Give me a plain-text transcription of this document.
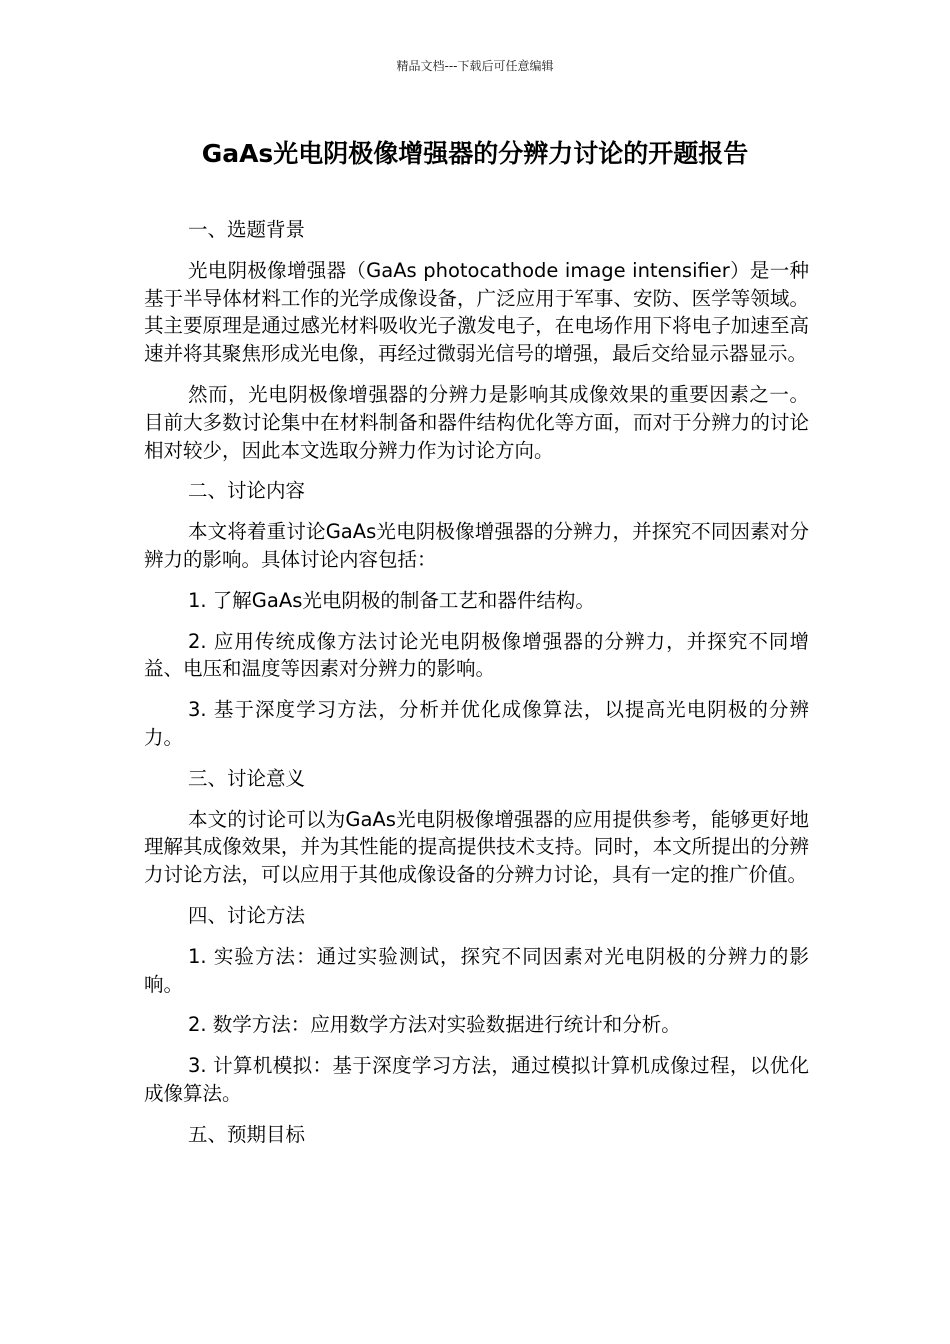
精品文档---下载后可任意编辑
GaAs光电阴极像增强器的分辨力讨论的开题报告

一、选题背景

光电阴极像增强器（GaAs photocathode image intensifier）是一种基于半导体材料工作的光学成像设备，广泛应用于军事、安防、医学等领域。其主要原理是通过感光材料吸收光子激发电子，在电场作用下将电子加速至高速并将其聚焦形成光电像，再经过微弱光信号的增强，最后交给显示器显示。

然而，光电阴极像增强器的分辨力是影响其成像效果的重要因素之一。目前大多数讨论集中在材料制备和器件结构优化等方面，而对于分辨力的讨论相对较少，因此本文选取分辨力作为讨论方向。

二、讨论内容

本文将着重讨论GaAs光电阴极像增强器的分辨力，并探究不同因素对分辨力的影响。具体讨论内容包括：

1. 了解GaAs光电阴极的制备工艺和器件结构。

2. 应用传统成像方法讨论光电阴极像增强器的分辨力，并探究不同增益、电压和温度等因素对分辨力的影响。

3. 基于深度学习方法，分析并优化成像算法，以提高光电阴极的分辨力。

三、讨论意义

本文的讨论可以为GaAs光电阴极像增强器的应用提供参考，能够更好地理解其成像效果，并为其性能的提高提供技术支持。同时，本文所提出的分辨力讨论方法，可以应用于其他成像设备的分辨力讨论，具有一定的推广价值。

四、讨论方法

1. 实验方法：通过实验测试，探究不同因素对光电阴极的分辨力的影响。

2. 数学方法：应用数学方法对实验数据进行统计和分析。

3. 计算机模拟：基于深度学习方法，通过模拟计算机成像过程，以优化成像算法。

五、预期目标
